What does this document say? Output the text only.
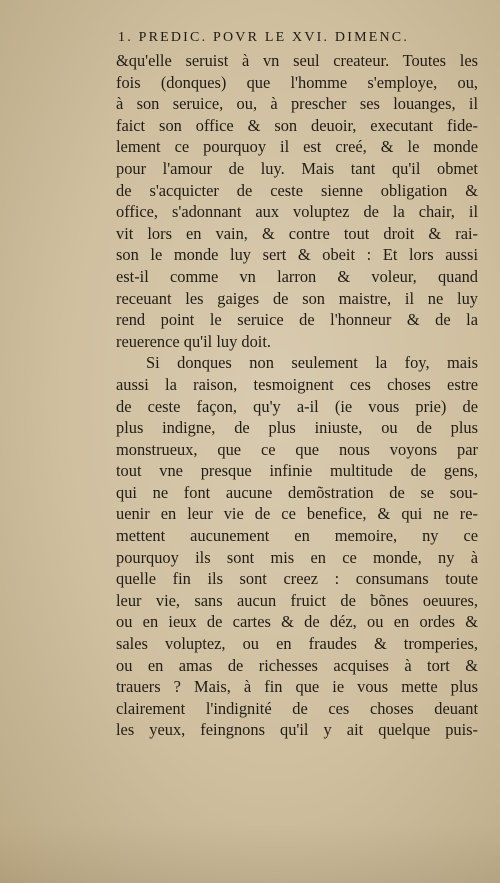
1. PREDIC. POVR LE XVI. DIMENC.
&qu'elle seruist à vn seul createur. Toutes les
fois (donques) que l'homme s'employe, ou,
à son seruice, ou, à prescher ses louanges, il
faict son office & son deuoir, executant fide-
lement ce pourquoy il est creé, & le monde
pour l'amour de luy. Mais tant qu'il obmet
de s'acquicter de ceste sienne obligation &
office, s'adonnant aux voluptez de la chair, il
vit lors en vain, & contre tout droit & rai-
son le monde luy sert & obeit : Et lors aussi
est-il comme vn larron & voleur, quand
receuant les gaiges de son maistre, il ne luy
rend point le seruice de l'honneur & de la
reuerence qu'il luy doit.
Si donques non seulement la foy, mais
aussi la raison, tesmoignent ces choses estre
de ceste façon, qu'y a-il (ie vous prie) de
plus indigne, de plus iniuste, ou de plus
monstrueux, que ce que nous voyons par
tout vne presque infinie multitude de gens,
qui ne font aucune demõstration de se sou-
uenir en leur vie de ce benefice, & qui ne re-
mettent aucunement en memoire, ny ce
pourquoy ils sont mis en ce monde, ny à
quelle fin ils sont creez : consumans toute
leur vie, sans aucun fruict de bõnes oeuures,
ou en ieux de cartes & de déz, ou en ordes &
sales voluptez, ou en fraudes & tromperies,
ou en amas de richesses acquises à tort &
trauers ? Mais, à fin que ie vous mette plus
clairement l'indignité de ces choses deuant
les yeux, feingnons qu'il y ait quelque puis-
